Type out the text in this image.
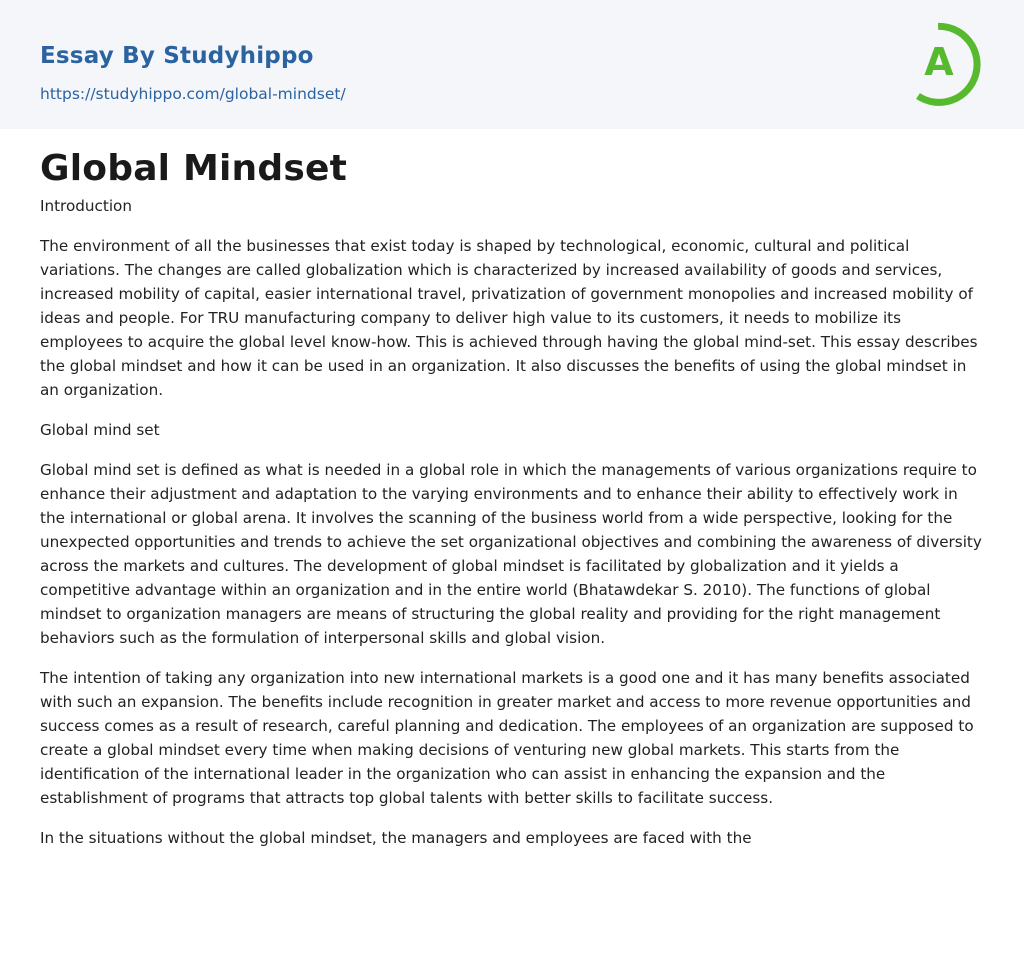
Essay By Studyhippo
https://studyhippo.com/global-mindset/
A
Global Mindset

Introduction

The environment of all the businesses that exist today is shaped by technological, economic, cultural and political variations. The changes are called globalization which is characterized by increased availability of goods and services, increased mobility of capital, easier international travel, privatization of government monopolies and increased mobility of ideas and people. For TRU manufacturing company to deliver high value to its customers, it needs to mobilize its employees to acquire the global level know-how. This is achieved through having the global mind-set. This essay describes the global mindset and how it can be used in an organization. It also discusses the benefits of using the global mindset in an organization.

Global mind set

Global mind set is defined as what is needed in a global role in which the managements of various organizations require to enhance their adjustment and adaptation to the varying environments and to enhance their ability to effectively work in the international or global arena. It involves the scanning of the business world from a wide perspective, looking for the unexpected opportunities and trends to achieve the set organizational objectives and combining the awareness of diversity across the markets and cultures. The development of global mindset is facilitated by globalization and it yields a competitive advantage within an organization and in the entire world (Bhatawdekar S. 2010). The functions of global mindset to organization managers are means of structuring the global reality and providing for the right management behaviors such as the formulation of interpersonal skills and global vision.

The intention of taking any organization into new international markets is a good one and it has many benefits associated with such an expansion. The benefits include recognition in greater market and access to more revenue opportunities and success comes as a result of research, careful planning and dedication. The employees of an organization are supposed to create a global mindset every time when making decisions of venturing new global markets. This starts from the identification of the international leader in the organization who can assist in enhancing the expansion and the establishment of programs that attracts top global talents with better skills to facilitate success.

In the situations without the global mindset, the managers and employees are faced with the
